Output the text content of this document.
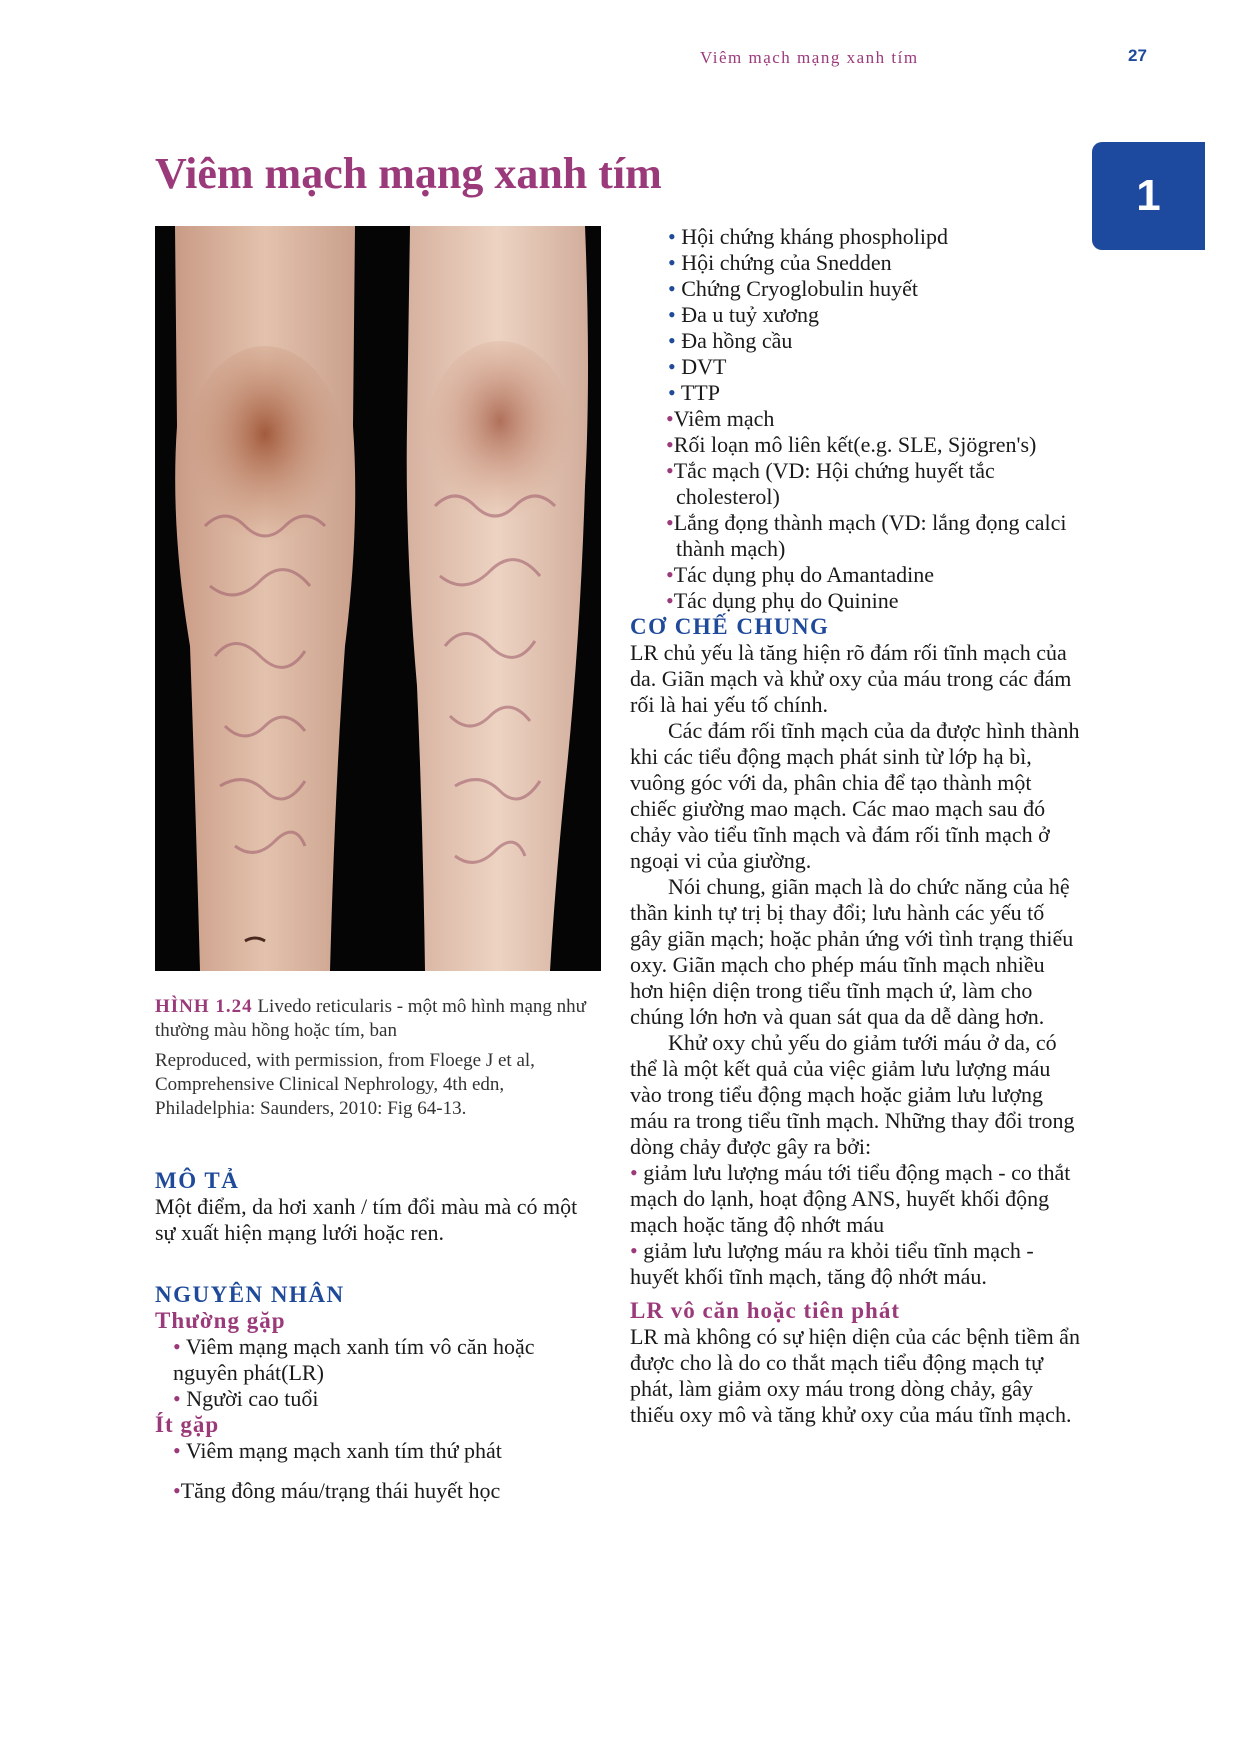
Viêm mạch mạng xanh tím	27
1
Viêm mạch mạng xanh tím
HÌNH 1.24 Livedo reticularis - một mô hình mạng như thường màu hồng hoặc tím, ban
Reproduced, with permission, from Floege J et al, Comprehensive Clinical Nephrology, 4th edn, Philadelphia: Saunders, 2010: Fig 64-13.
MÔ TẢ

Một điểm, da hơi xanh / tím đổi màu mà có một sự xuất hiện mạng lưới hoặc ren.

NGUYÊN NHÂN
Thường gặp

• Viêm mạng mạch xanh tím vô căn hoặc nguyên phát(LR)

• Người cao tuổi

Ít gặp

• Viêm mạng mạch xanh tím thứ phát

•Tăng đông máu/trạng thái huyết học

• Hội chứng kháng phospholipd

• Hội chứng của Snedden

• Chứng Cryoglobulin huyết

• Đa u tuỷ xương

• Đa hồng cầu

• DVT

• TTP

•Viêm mạch

•Rối loạn mô liên kết(e.g. SLE, Sjögren's)

•Tắc mạch (VD: Hội chứng huyết tắc cholesterol)

•Lắng đọng thành mạch (VD: lắng đọng calci thành mạch)

•Tác dụng phụ do Amantadine

•Tác dụng phụ do Quinine

CƠ CHẾ CHUNG

LR chủ yếu là tăng hiện rõ đám rối tĩnh mạch của da. Giãn mạch và khử oxy của máu trong các đám rối là hai yếu tố chính.

Các đám rối tĩnh mạch của da được hình thành khi các tiểu động mạch phát sinh từ lớp hạ bì, vuông góc với da, phân chia để tạo thành một chiếc giường mao mạch. Các mao mạch sau đó chảy vào tiểu tĩnh mạch và đám rối tĩnh mạch ở ngoại vi của giường.

Nói chung, giãn mạch là do chức năng của hệ thần kinh tự trị bị thay đổi; lưu hành các yếu tố gây giãn mạch; hoặc phản ứng với tình trạng thiếu oxy. Giãn mạch cho phép máu tĩnh mạch nhiều hơn hiện diện trong tiểu tĩnh mạch ứ, làm cho chúng lớn hơn và quan sát qua da dễ dàng hơn.

Khử oxy chủ yếu do giảm tưới máu ở da, có thể là một kết quả của việc giảm lưu lượng máu vào trong tiểu động mạch hoặc giảm lưu lượng máu ra trong tiểu tĩnh mạch. Những thay đổi trong dòng chảy được gây ra bởi:

• giảm lưu lượng máu tới tiểu động mạch - co thắt mạch do lạnh, hoạt động ANS, huyết khối động mạch hoặc tăng độ nhớt máu

• giảm lưu lượng máu ra khỏi tiểu tĩnh mạch - huyết khối tĩnh mạch, tăng độ nhớt máu.

LR vô căn hoặc tiên phát

LR mà không có sự hiện diện của các bệnh tiềm ẩn được cho là do co thắt mạch tiểu động mạch tự phát, làm giảm oxy máu trong dòng chảy, gây thiếu oxy mô và tăng khử oxy của máu tĩnh mạch.
